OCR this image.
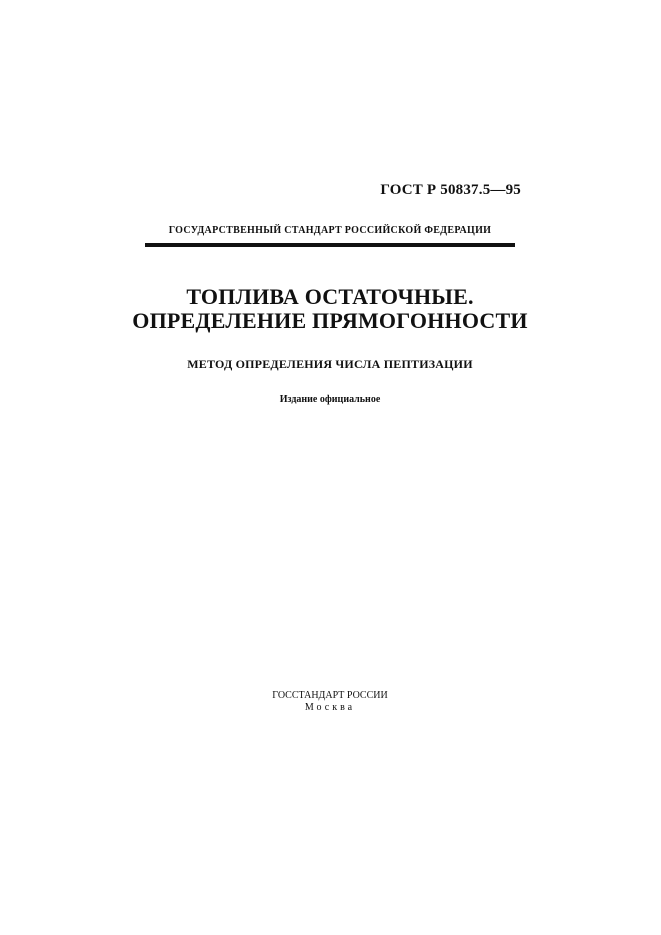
ГОСТ Р 50837.5—95
ГОСУДАРСТВЕННЫЙ СТАНДАРТ РОССИЙСКОЙ ФЕДЕРАЦИИ
ТОПЛИВА ОСТАТОЧНЫЕ.
ОПРЕДЕЛЕНИЕ ПРЯМОГОННОСТИ
МЕТОД ОПРЕДЕЛЕНИЯ ЧИСЛА ПЕПТИЗАЦИИ
Издание официальное
ГОССТАНДАРТ РОССИИ
Москва
